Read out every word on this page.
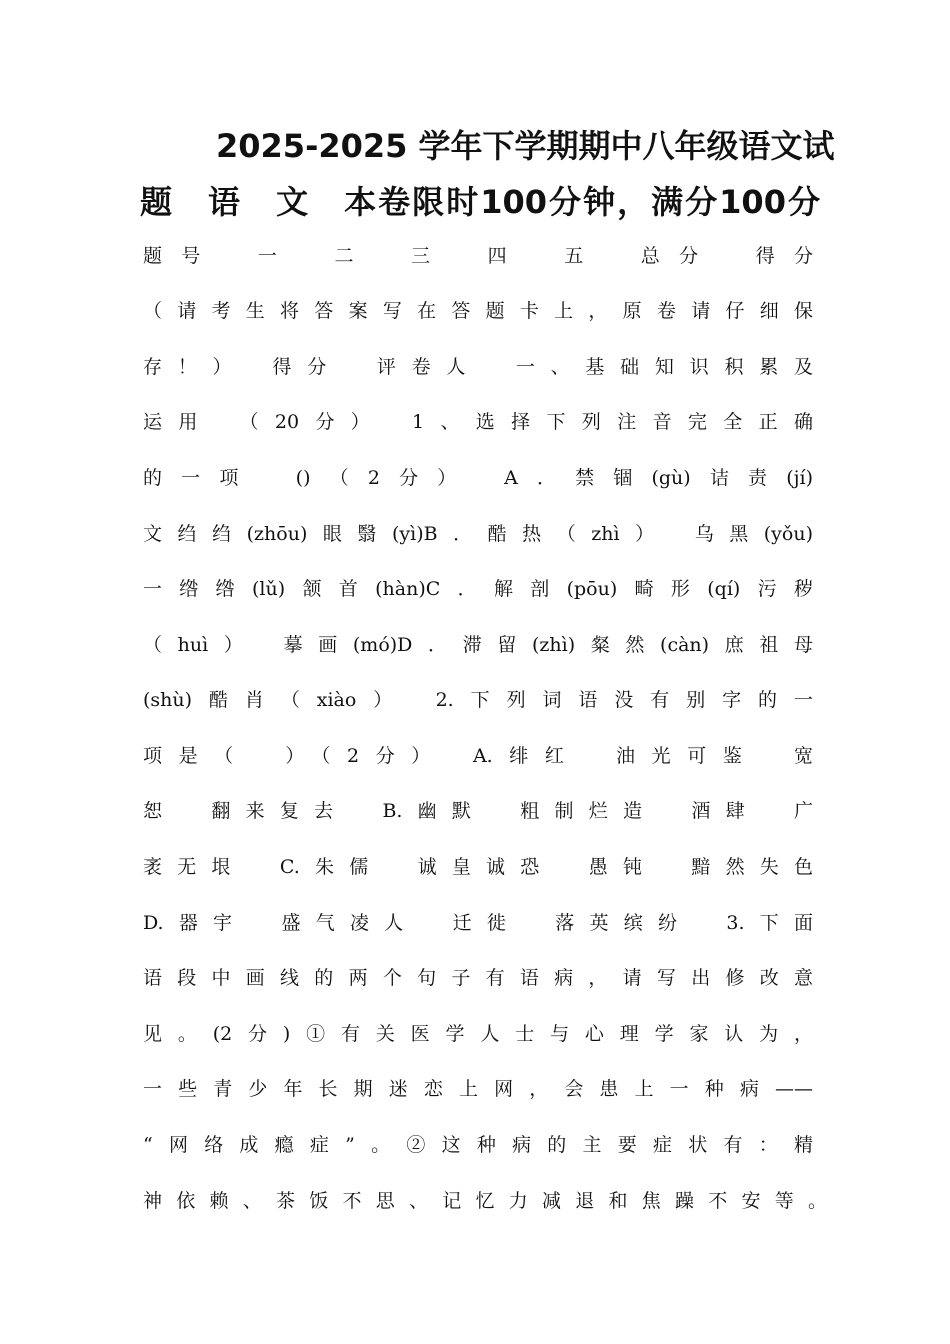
2025-2025 学年下学期期中八年级语文试
题　语　文　本卷限时100分钟，满分100分
题号　一　二　三　四　五　总分　得分
（请考生将答案写在答题卡上，原卷请仔细保
存！）　得分　评卷人　一、基础知识积累及
运用　（20分）　1、选择下列注音完全正确
的一项　()（2分）　A．禁锢(gù)诘责(jí)
文绉绉(zhōu)眼翳(yì)B．酷热（zhì）　乌黑(yǒu)
一绺绺(lǔ)颔首(hàn)C．解剖(pōu)畸形(qí)污秽
（huì）　摹画(mó)D．滞留(zhì)粲然(càn)庶祖母
(shù)酷肖（xiào）　2.下列词语没有别字的一
项是（　）（2分）　A.绯红　油光可鉴　宽
恕　翻来复去　B.幽默　粗制烂造　酒肆　广
袤无垠　C.朱儒　诚皇诚恐　愚钝　黯然失色
D.器宇　盛气凌人　迁徙　落英缤纷　3.下面
语段中画线的两个句子有语病，请写出修改意
见。(2分)①有关医学人士与心理学家认为，
一些青少年长期迷恋上网，会患上一种病——
“网络成瘾症”。②这种病的主要症状有：精
神依赖、茶饭不思、记忆力减退和焦躁不安等。
